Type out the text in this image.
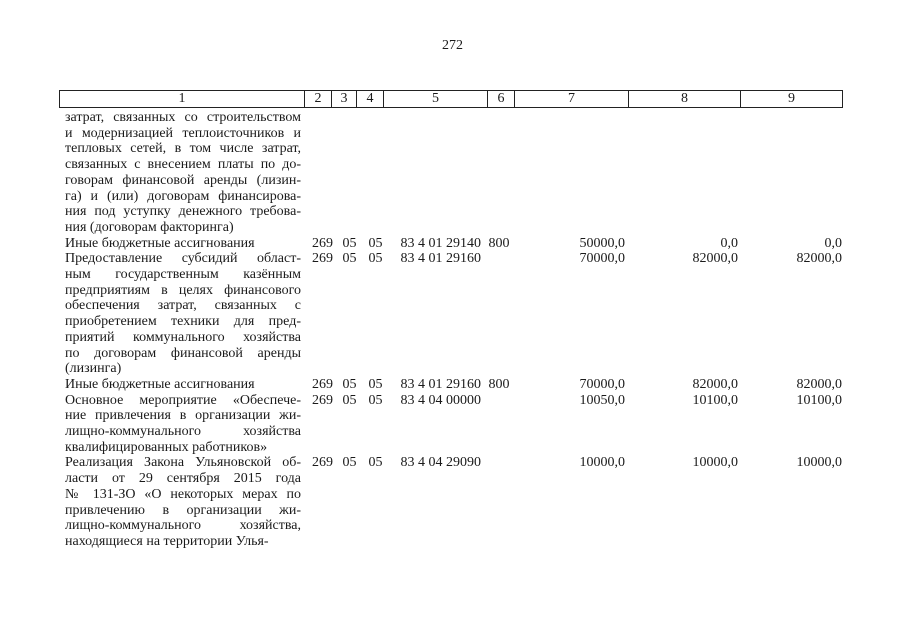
272
1	2	3	4	5	6	7	8	9
затрат, связанных со строительством
и модернизацией теплоисточников и
тепловых сетей, в том числе затрат,
связанных с внесением платы по до-
говорам финансовой аренды (лизин-
га) и (или) договорам финансирова-
ния под уступку денежного требова-
ния (договорам факторинга)
Иные бюджетные ассигнования	269 05 05	83 4 01 29140 800	50000,0	0,0	0,0
Предоставление субсидий област-
ным государственным казённым
предприятиям в целях финансового
обеспечения затрат, связанных с
приобретением техники для пред-
приятий коммунального хозяйства
по договорам финансовой аренды
(лизинга)
269 05 05	83 4 01 29160	70000,0	82000,0	82000,0
Иные бюджетные ассигнования	269 05 05	83 4 01 29160 800	70000,0	82000,0	82000,0
Основное мероприятие «Обеспече-
ние привлечения в организации жи-
лищно-коммунального хозяйства
квалифицированных работников»
269 05 05	83 4 04 00000	10050,0	10100,0	10100,0
Реализация Закона Ульяновской об-
ласти от 29 сентября 2015 года
№ 131-ЗО «О некоторых мерах по
привлечению в организации жи-
лищно-коммунального хозяйства,
находящиеся на территории Улья-
269 05 05	83 4 04 29090	10000,0	10000,0	10000,0
